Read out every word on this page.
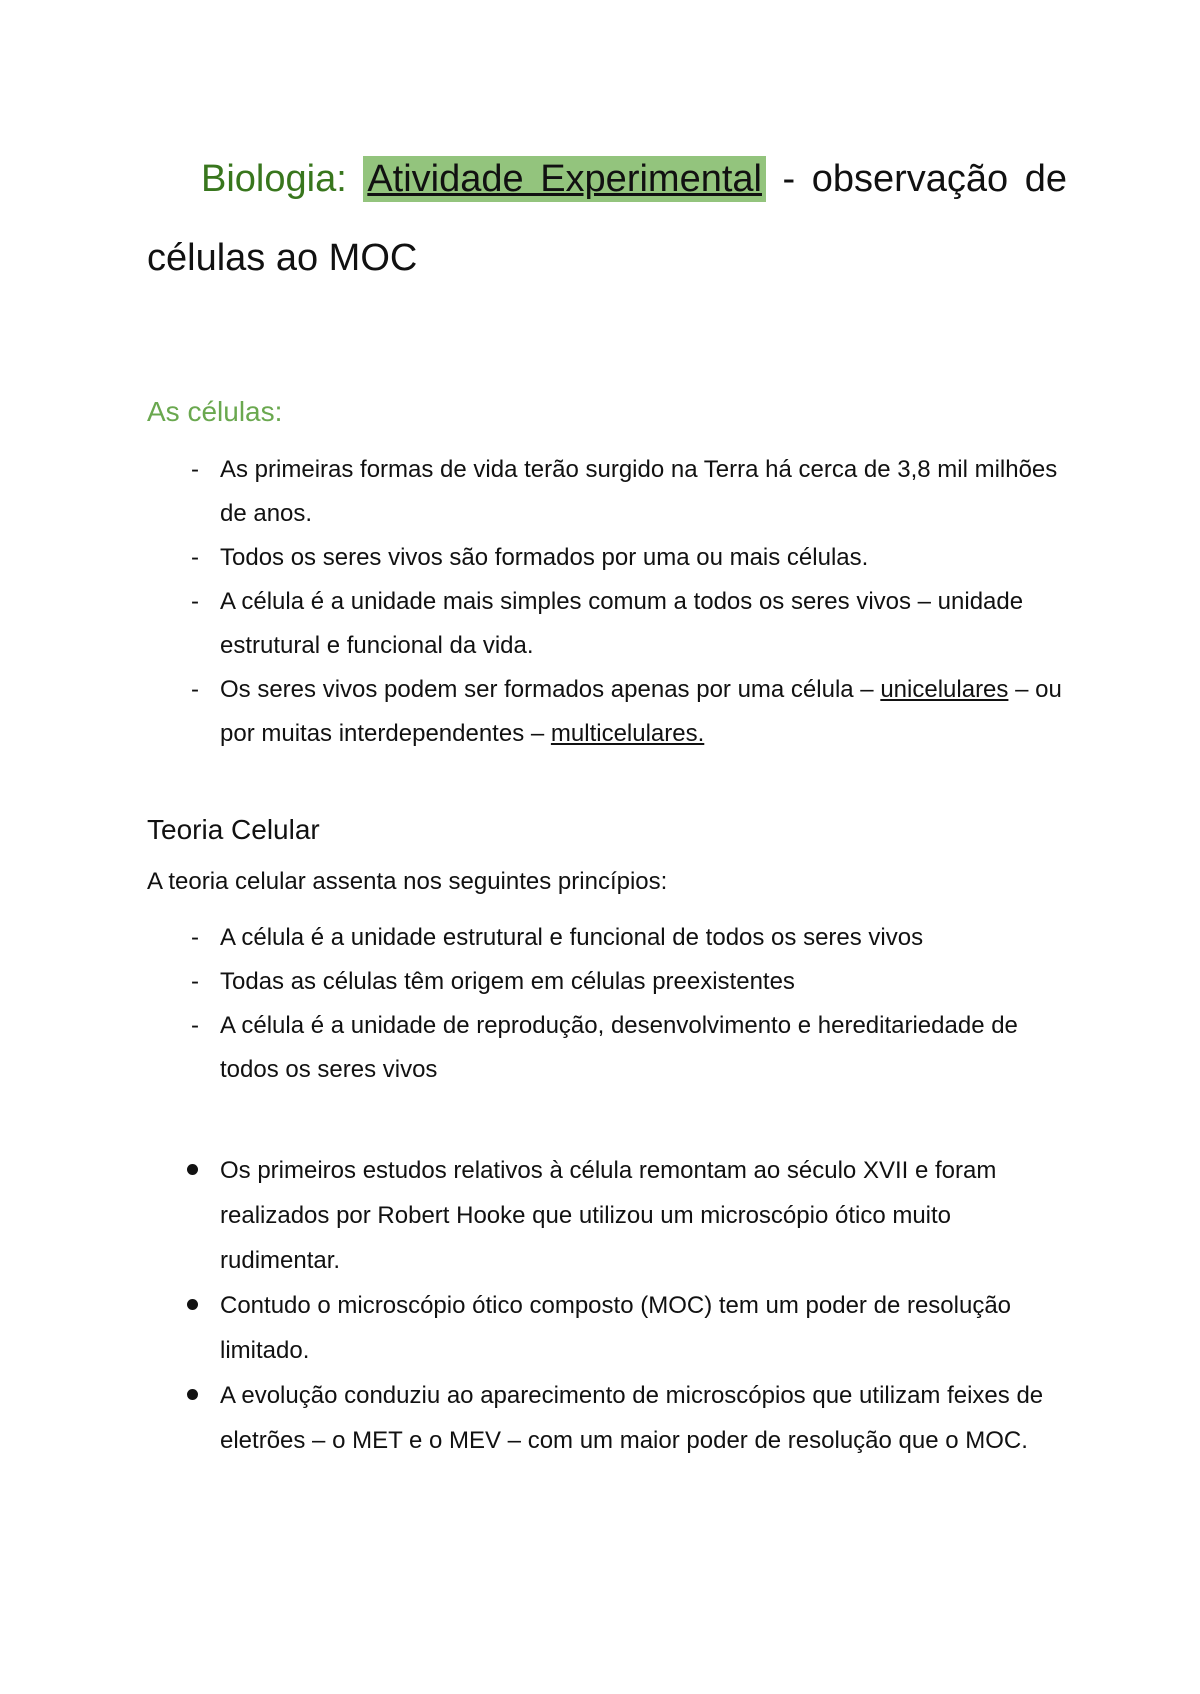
Biologia: Atividade Experimental - observação de células ao MOC

As células:
- As primeiras formas de vida terão surgido na Terra há cerca de 3,8 mil milhões de anos.
- Todos os seres vivos são formados por uma ou mais células.
- A célula é a unidade mais simples comum a todos os seres vivos – unidade estrutural e funcional da vida.
- Os seres vivos podem ser formados apenas por uma célula – unicelulares – ou por muitas interdependentes – multicelulares.
Teoria Celular
A teoria celular assenta nos seguintes princípios:
- A célula é a unidade estrutural e funcional de todos os seres vivos
- Todas as células têm origem em células preexistentes
- A célula é a unidade de reprodução, desenvolvimento e hereditariedade de todos os seres vivos
Os primeiros estudos relativos à célula remontam ao século XVII e foram realizados por Robert Hooke que utilizou um microscópio ótico muito rudimentar.
Contudo o microscópio ótico composto (MOC) tem um poder de resolução limitado.
A evolução conduziu ao aparecimento de microscópios que utilizam feixes de eletrões – o MET e o MEV – com um maior poder de resolução que o MOC.
